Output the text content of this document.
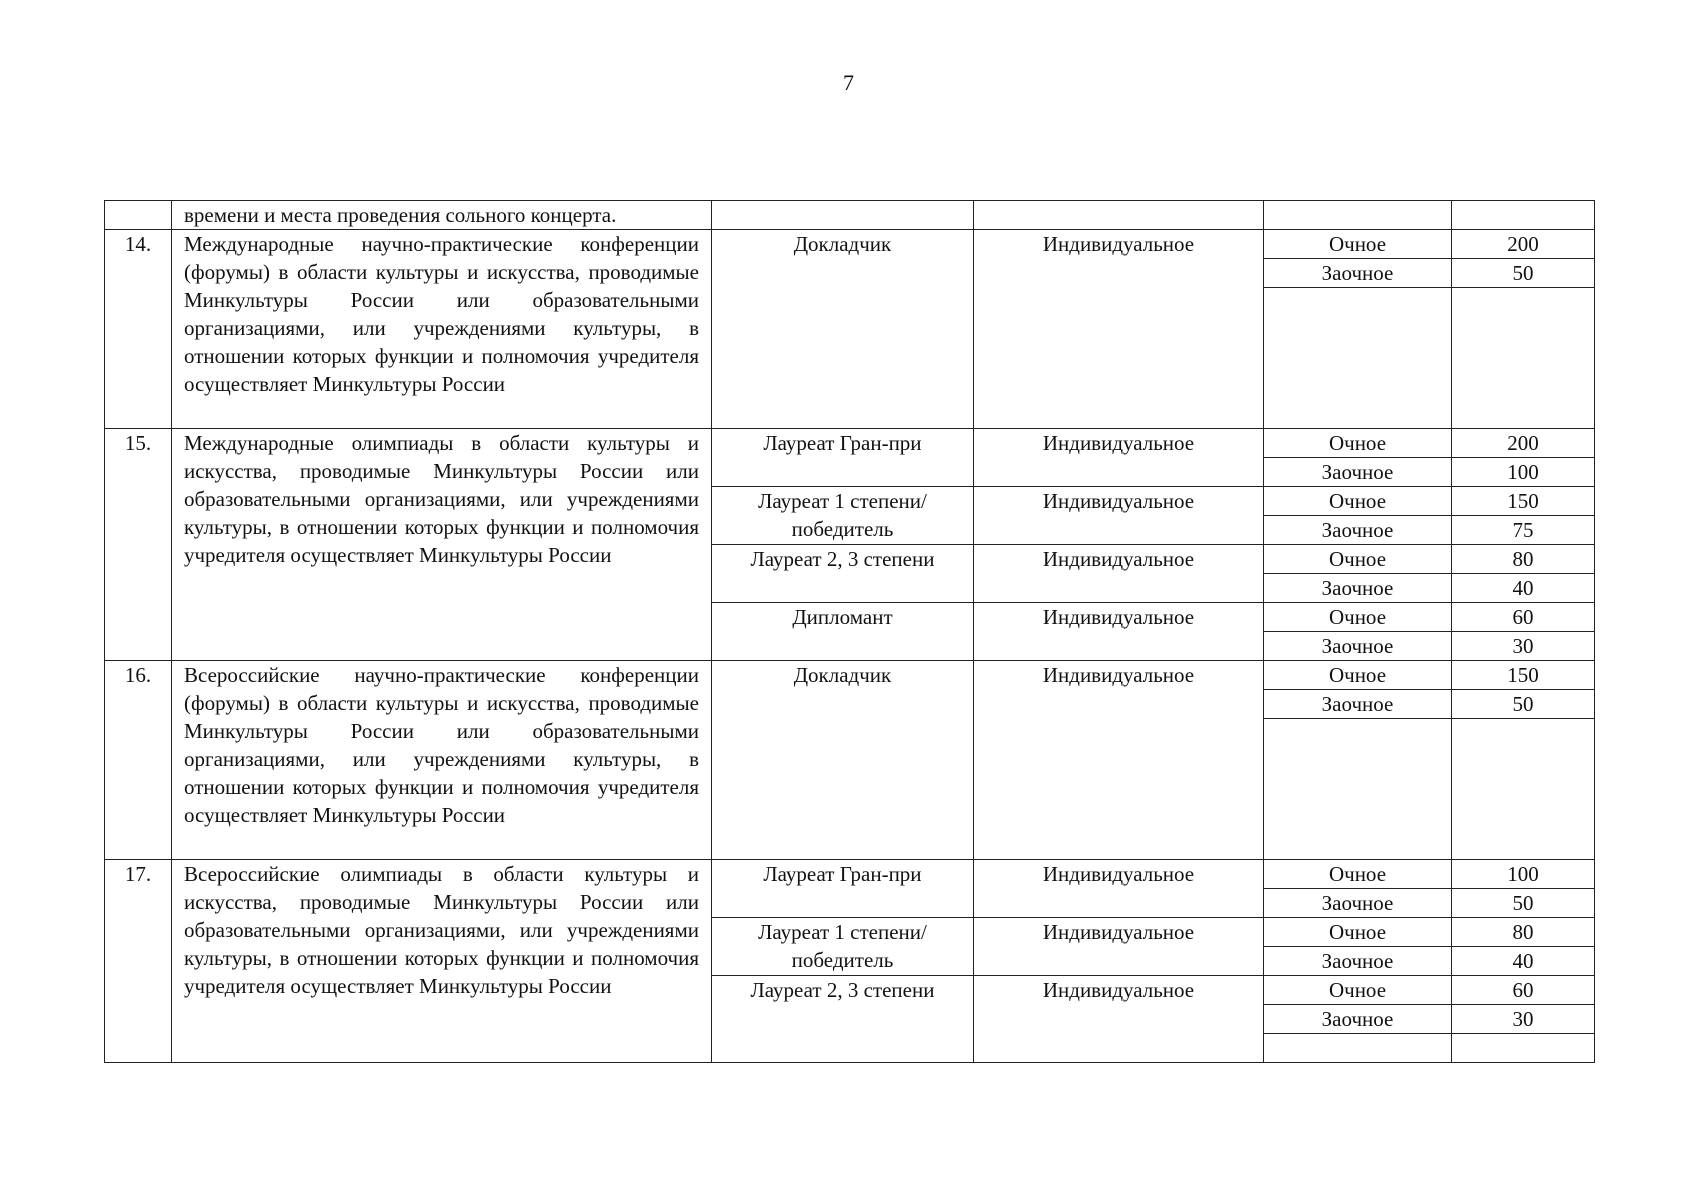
7
	времени и места проведения сольного концерта.				
14.	Международные научно-практические конференции (форумы) в области культуры и искусства, проводимые Минкультуры России или образовательными организациями, или учреждениями культуры, в отношении которых функции и полномочия учредителя осуществляет Минкультуры России	Докладчик	Индивидуальное	Очное	200
				Заочное	50

15.	Международные олимпиады в области культуры и искусства, проводимые Минкультуры России или образовательными организациями, или учреждениями культуры, в отношении которых функции и полномочия учредителя осуществляет Минкультуры России	Лауреат Гран-при	Индивидуальное	Очное	200
				Заочное	100
		Лауреат 1 степени/ победитель	Индивидуальное	Очное	150
				Заочное	75
		Лауреат 2, 3 степени	Индивидуальное	Очное	80
				Заочное	40
		Дипломант	Индивидуальное	Очное	60
				Заочное	30
16.	Всероссийские научно-практические конференции (форумы) в области культуры и искусства, проводимые Минкультуры России или образовательными организациями, или учреждениями культуры, в отношении которых функции и полномочия учредителя осуществляет Минкультуры России	Докладчик	Индивидуальное	Очное	150
				Заочное	50

17.	Всероссийские олимпиады в области культуры и искусства, проводимые Минкультуры России или образовательными организациями, или учреждениями культуры, в отношении которых функции и полномочия учредителя осуществляет Минкультуры России	Лауреат Гран-при	Индивидуальное	Очное	100
				Заочное	50
		Лауреат 1 степени/ победитель	Индивидуальное	Очное	80
				Заочное	40
		Лауреат 2, 3 степени	Индивидуальное	Очное	60
				Заочное	30
